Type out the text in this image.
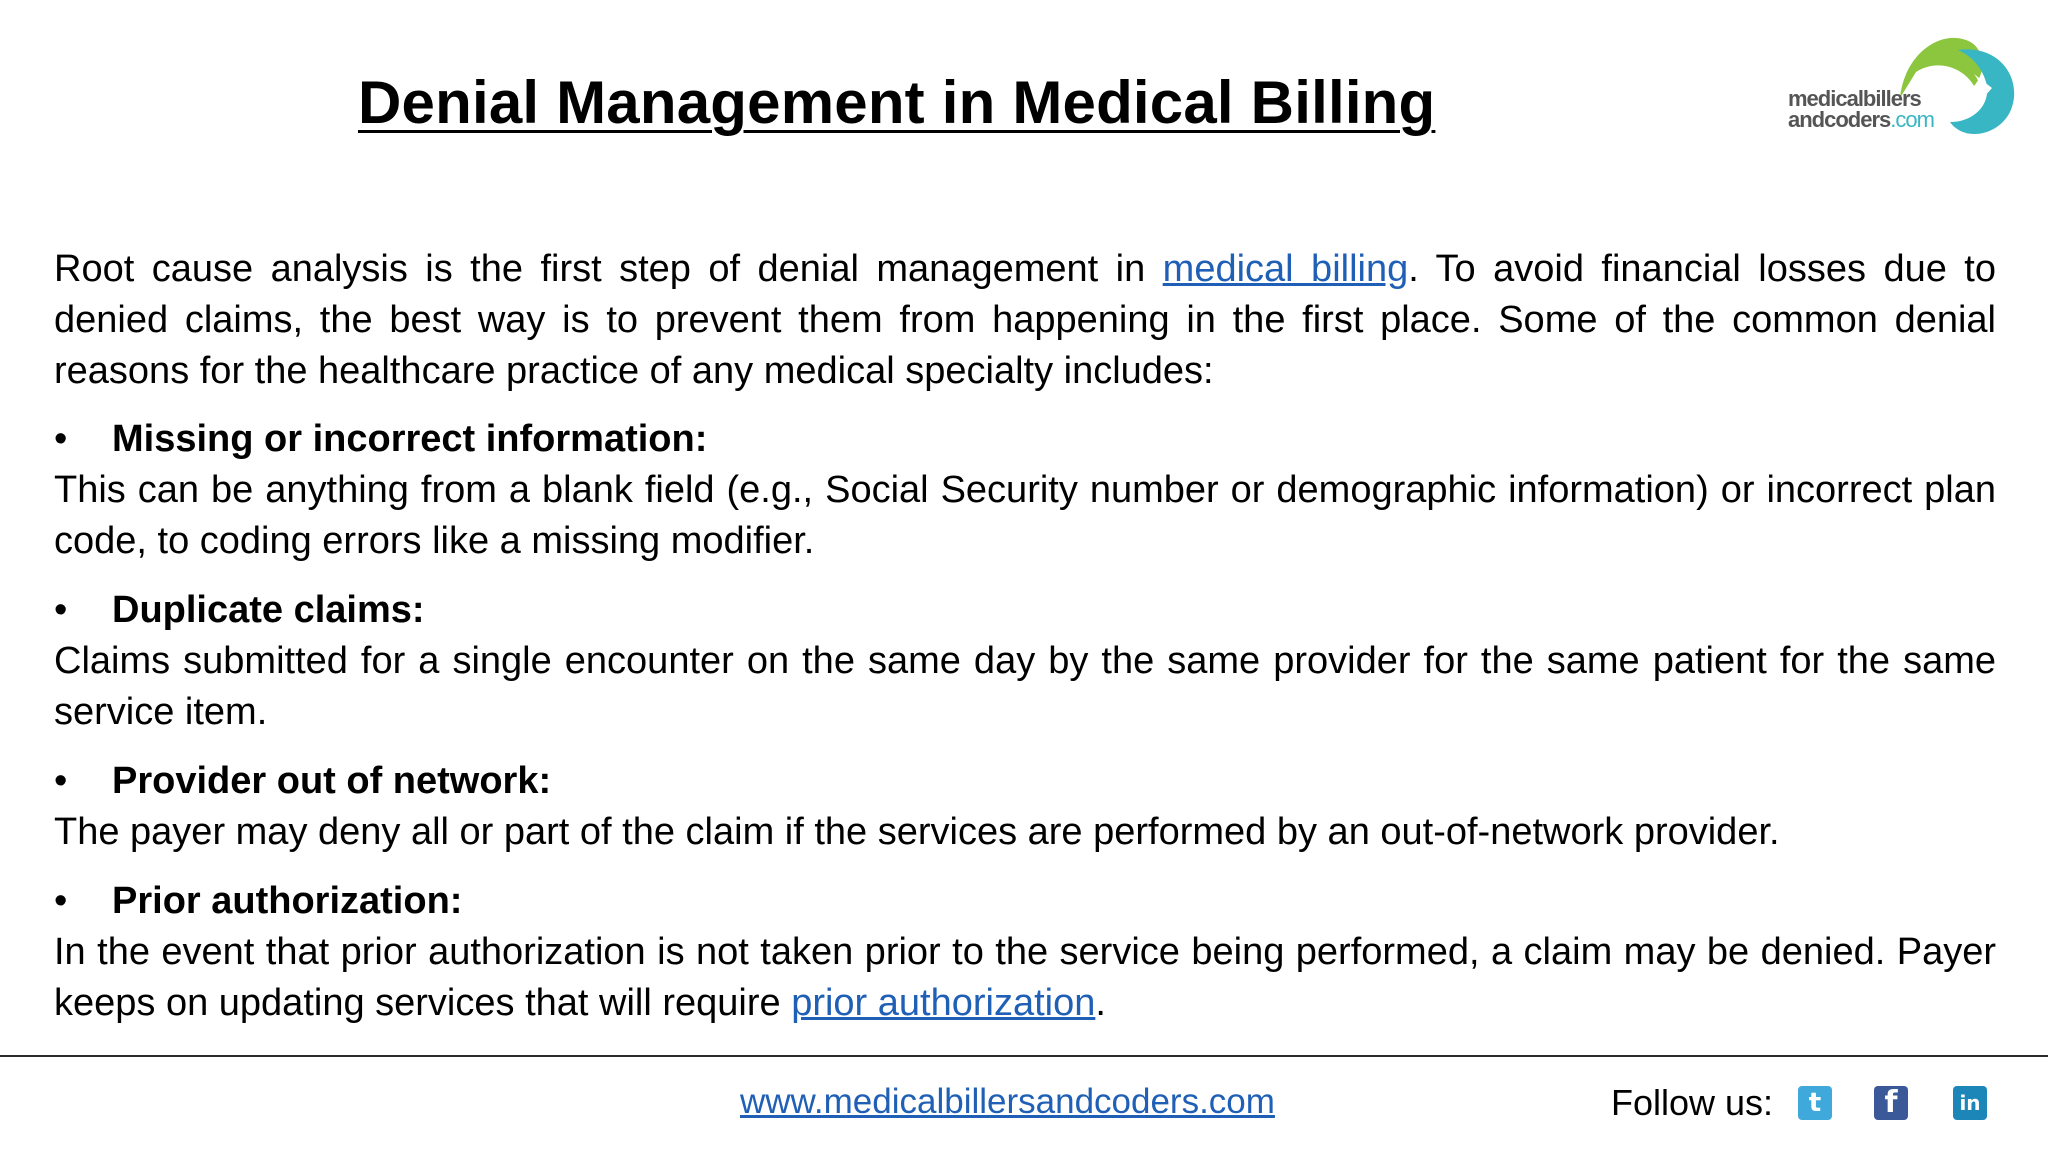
Denial Management in Medical Billing	medicalbillers
andcoders.com

Root cause analysis is the first step of denial management in medical billing. To avoid financial losses due to denied claims, the best way is to prevent them from happening in the first place. Some of the common denial reasons for the healthcare practice of any medical specialty includes:

• Missing or incorrect information:

This can be anything from a blank field (e.g., Social Security number or demographic information) or incorrect plan code, to coding errors like a missing modifier.

• Duplicate claims:

Claims submitted for a single encounter on the same day by the same provider for the same patient for the same service item.

• Provider out of network:

The payer may deny all or part of the claim if the services are performed by an out-of-network provider.

• Prior authorization:

In the event that prior authorization is not taken prior to the service being performed, a claim may be denied. Payer keeps on updating services that will require prior authorization.

www.medicalbillersandcoders.com	Follow us:	t	f	in
